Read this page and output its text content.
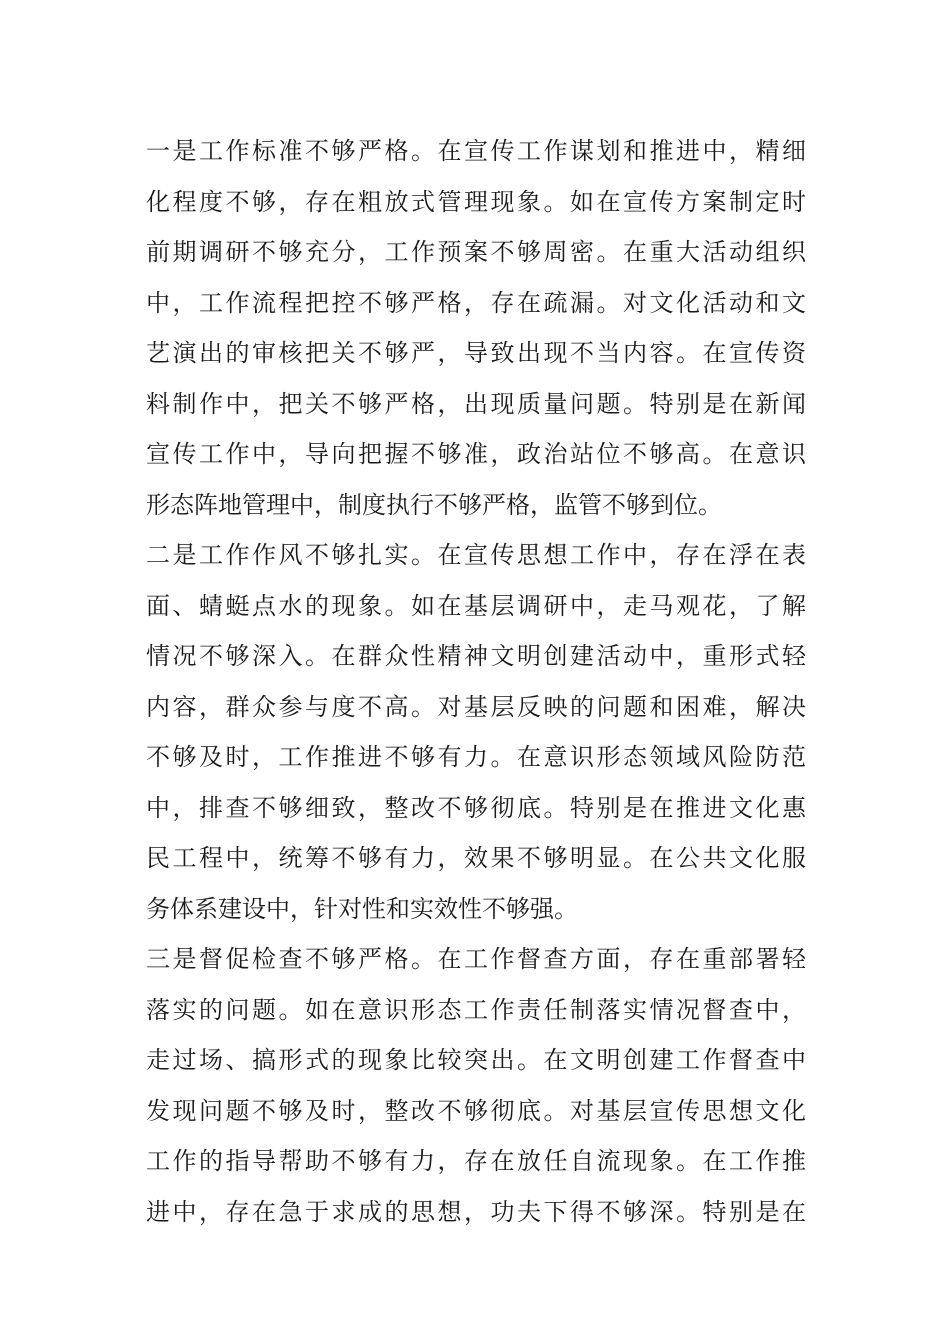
一是工作标准不够严格。在宣传工作谋划和推进中，精细
化程度不够，存在粗放式管理现象。如在宣传方案制定时
前期调研不够充分，工作预案不够周密。在重大活动组织
中，工作流程把控不够严格，存在疏漏。对文化活动和文
艺演出的审核把关不够严，导致出现不当内容。在宣传资
料制作中，把关不够严格，出现质量问题。特别是在新闻
宣传工作中，导向把握不够准，政治站位不够高。在意识
形态阵地管理中，制度执行不够严格，监管不够到位。
二是工作作风不够扎实。在宣传思想工作中，存在浮在表
面、蜻蜓点水的现象。如在基层调研中，走马观花，了解
情况不够深入。在群众性精神文明创建活动中，重形式轻
内容，群众参与度不高。对基层反映的问题和困难，解决
不够及时，工作推进不够有力。在意识形态领域风险防范
中，排查不够细致，整改不够彻底。特别是在推进文化惠
民工程中，统筹不够有力，效果不够明显。在公共文化服
务体系建设中，针对性和实效性不够强。
三是督促检查不够严格。在工作督查方面，存在重部署轻
落实的问题。如在意识形态工作责任制落实情况督查中，
走过场、搞形式的现象比较突出。在文明创建工作督查中
发现问题不够及时，整改不够彻底。对基层宣传思想文化
工作的指导帮助不够有力，存在放任自流现象。在工作推
进中，存在急于求成的思想，功夫下得不够深。特别是在
